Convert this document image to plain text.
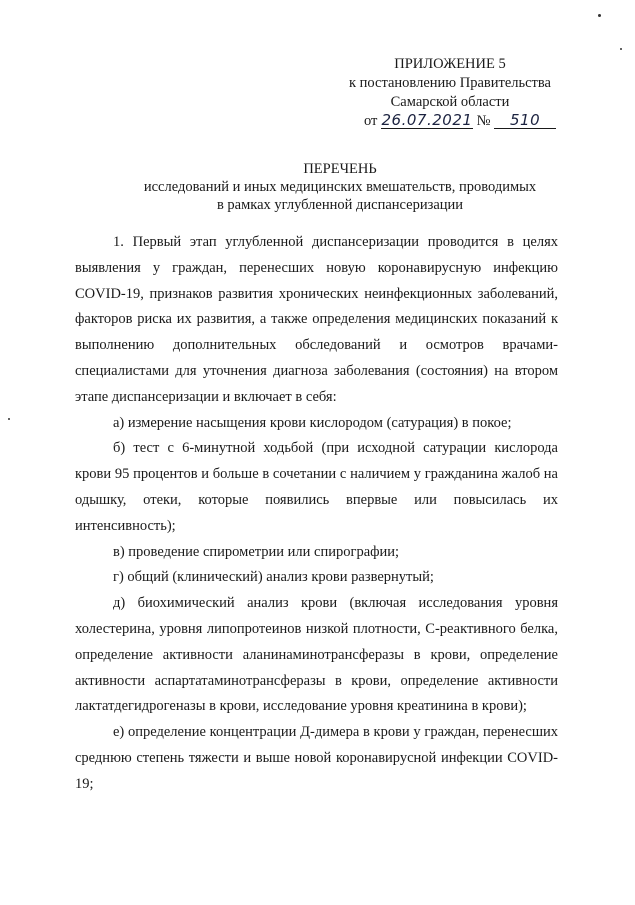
ПРИЛОЖЕНИЕ 5
к постановлению Правительства
Самарской области
от 26.07.2021 № 510
ПЕРЕЧЕНЬ
исследований и иных медицинских вмешательств, проводимых
в рамках углубленной диспансеризации
1. Первый этап углубленной диспансеризации проводится в целях выявления у граждан, перенесших новую коронавирусную инфекцию COVID-19, признаков развития хронических неинфекционных заболеваний, факторов риска их развития, а также определения медицинских показаний к выполнению дополнительных обследований и осмотров врачами-специалистами для уточнения диагноза заболевания (состояния) на втором этапе диспансеризации и включает в себя:
а) измерение насыщения крови кислородом (сатурация) в покое;
б) тест с 6-минутной ходьбой (при исходной сатурации кислорода крови 95 процентов и больше в сочетании с наличием у гражданина жалоб на одышку, отеки, которые появились впервые или повысилась их интенсивность);
в) проведение спирометрии или спирографии;
г) общий (клинический) анализ крови развернутый;
д) биохимический анализ крови (включая исследования уровня холестерина, уровня липопротеинов низкой плотности, С-реактивного белка, определение активности аланинаминотрансферазы в крови, определение активности аспартатаминотрансферазы в крови, определение активности лактатдегидрогеназы в крови, исследование уровня креатинина в крови);
е) определение концентрации Д-димера в крови у граждан, перенесших среднюю степень тяжести и выше новой коронавирусной инфекции COVID-19;
